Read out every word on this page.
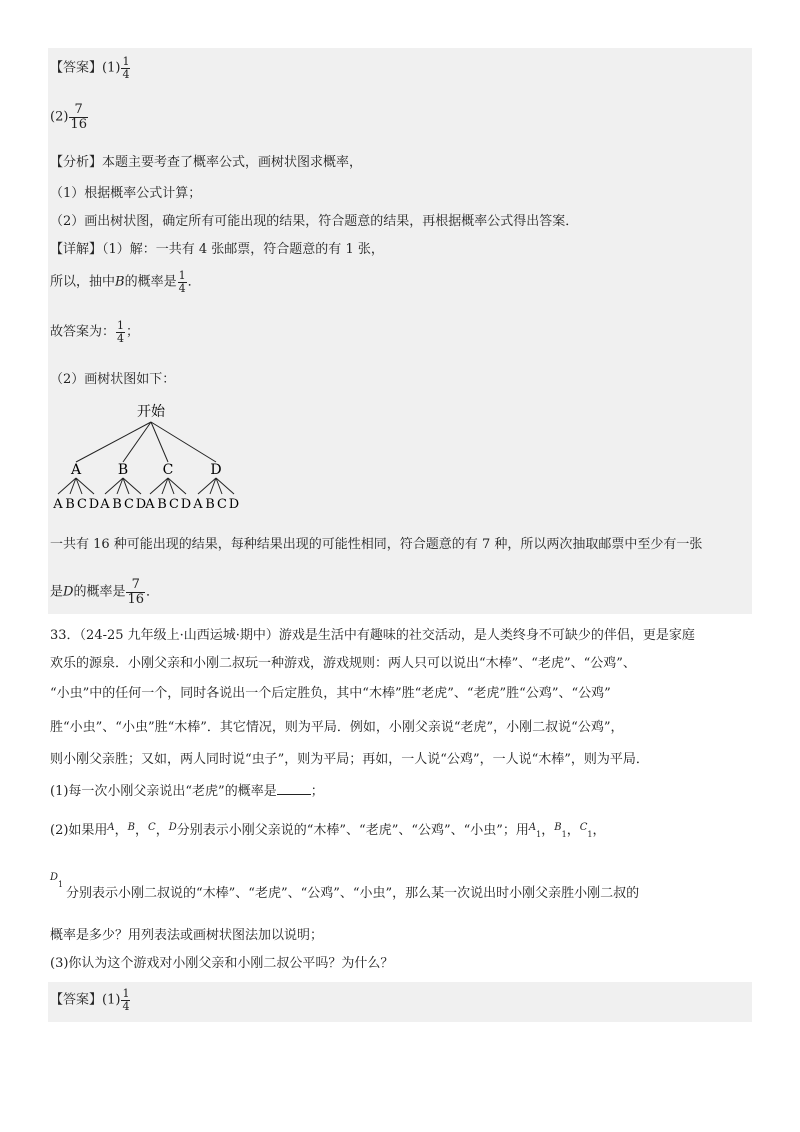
【答案】$(1) \frac{1}{4}$
$(2) \frac{7}{16}$
【分析】本题主要考查了概率公式，画树状图求概率，
（1）根据概率公式计算；
（2）画出树状图，确定所有可能出现的结果，符合题意的结果，再根据概率公式得出答案．
【详解】（1）解：一共有 4 张邮票，符合题意的有 1 张，
所以，抽中B的概率是 $\frac{1}{4}$ ．
故答案为： $\frac{1}{4}$ ；
（2）画树状图如下：
开始
A	B C	D
A B C D A B C D A B C D A B C D
一共有 16 种可能出现的结果，每种结果出现的可能性相同，符合题意的有 7 种，所以两次抽取邮票中至少有一张
是D的概率是 $\frac{7}{16}$ ．
33．（24-25 九年级上·山西运城·期中）游戏是生活中有趣味的社交活动，是人类终身不可缺少的伴侣，更是家庭
欢乐的源泉．小刚父亲和小刚二叔玩一种游戏，游戏规则：两人只可以说出“木棒”、“老虎”、“公鸡”、
“小虫”中的任何一个，同时各说出一个后定胜负，其中“木棒”胜“老虎”、“老虎”胜“公鸡”、“公鸡”
胜“小虫”、“小虫”胜“木棒”．其它情况，则为平局．例如，小刚父亲说“老虎”，小刚二叔说“公鸡”，
则小刚父亲胜；又如，两人同时说“虫子”，则为平局；再如，一人说“公鸡”，一人说“木棒”，则为平局．
(1)每一次小刚父亲说出“老虎”的概率是	；
(2)如果用$^A$，$^B$，$^C$，$^D$分别表示小刚父亲说的“木棒”、“老虎”、“公鸡”、“小虫”；用$^A_1$，$^B_1$，$^C_1$，
$^D_1$
分别表示小刚二叔说的“木棒”、“老虎”、“公鸡”、“小虫”，那么某一次说出时小刚父亲胜小刚二叔的
概率是多少？用列表法或画树状图法加以说明；
(3)你认为这个游戏对小刚父亲和小刚二叔公平吗？为什么？
【答案】$(1) \frac{1}{4}$
